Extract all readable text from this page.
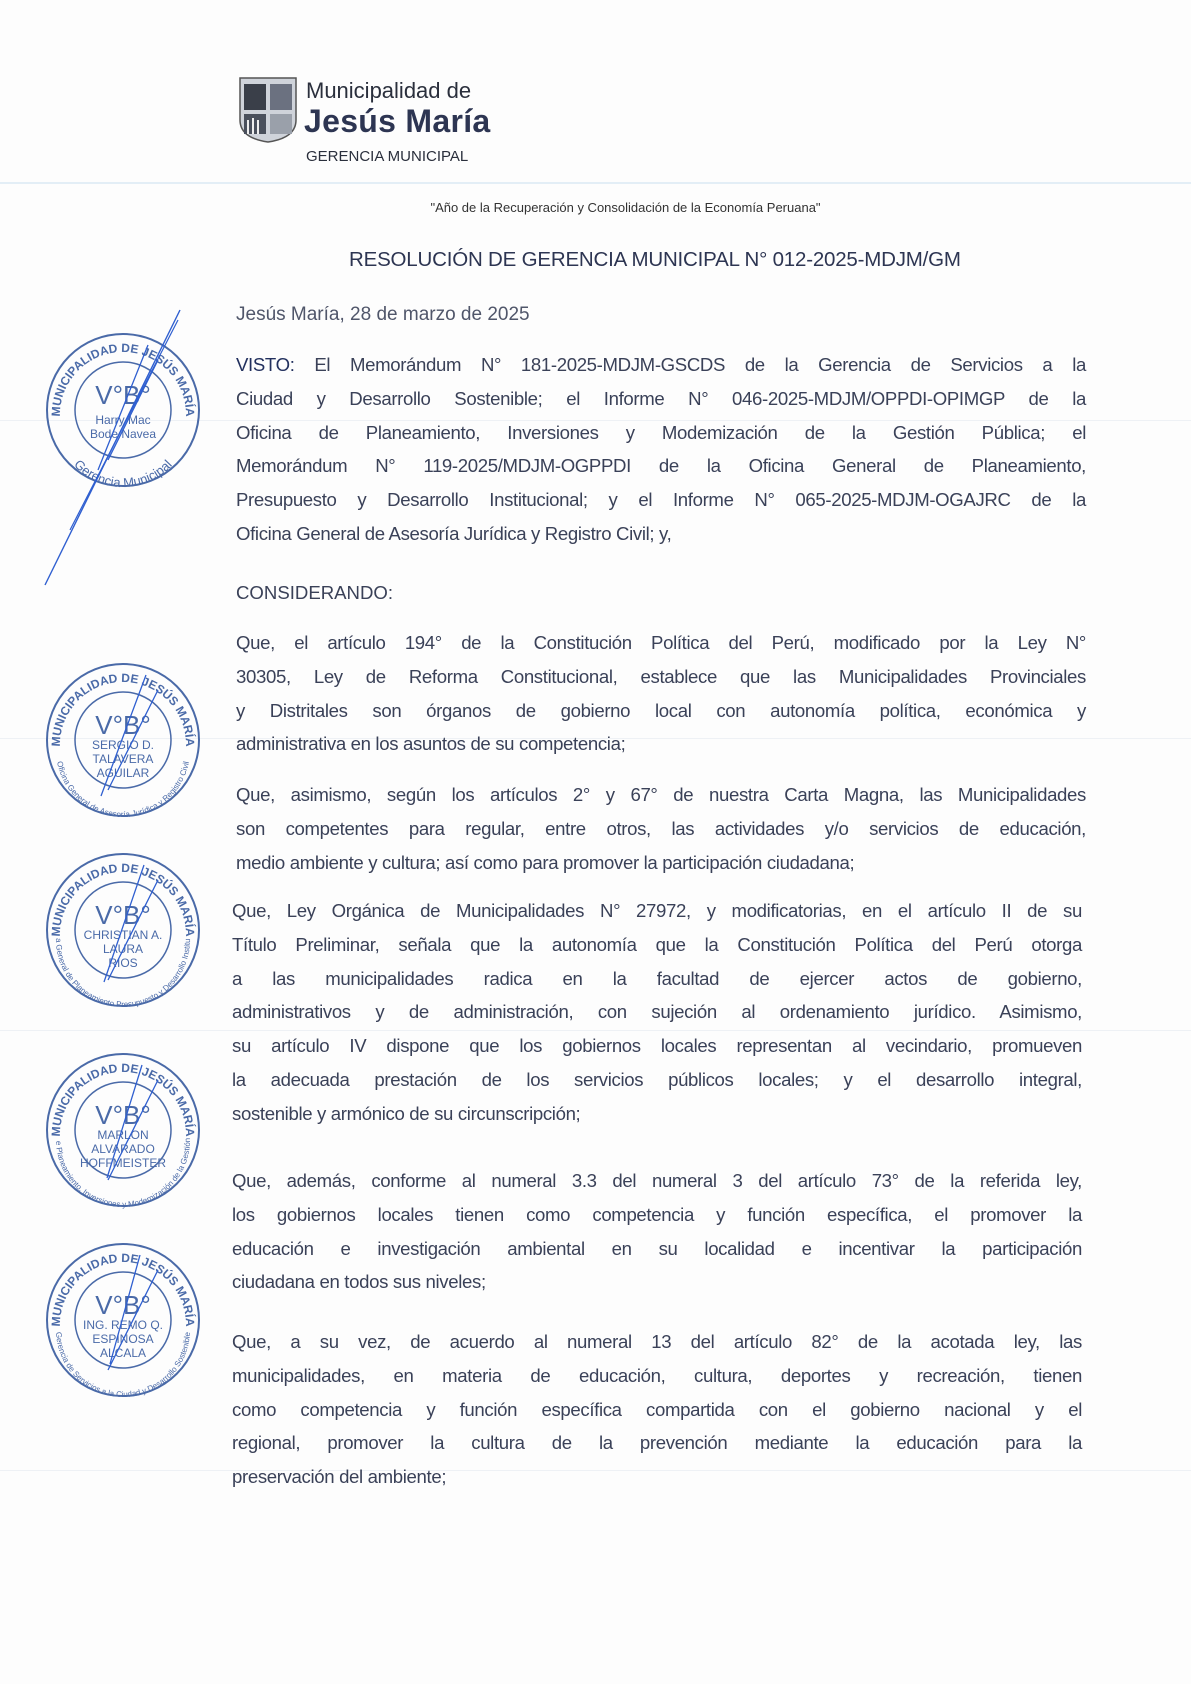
Municipalidad de
Jesús María
GERENCIA MUNICIPAL
"Año de la Recuperación y Consolidación de la Economía Peruana"
RESOLUCIÓN DE GERENCIA MUNICIPAL N° 012-2025-MDJM/GM
Jesús María, 28 de marzo de 2025
VISTO: El Memorándum N° 181-2025-MDJM-GSCDS de la Gerencia de Servicios a la
Ciudad y Desarrollo Sostenible; el Informe N° 046-2025-MDJM/OPPDI-OPIMGP de la
Oficina de Planeamiento, Inversiones y Modemización de la Gestión Pública; el
Memorándum N° 119-2025/MDJM-OGPPDI de la Oficina General de Planeamiento,
Presupuesto y Desarrollo Institucional; y el Informe N° 065-2025-MDJM-OGAJRC de la
Oficina General de Asesoría Jurídica y Registro Civil; y,
CONSIDERANDO:
Que, el artículo 194° de la Constitución Política del Perú, modificado por la Ley N°
30305, Ley de Reforma Constitucional, establece que las Municipalidades Provinciales
y Distritales son órganos de gobierno local con autonomía política, económica y
administrativa en los asuntos de su competencia;
Que, asimismo, según los artículos 2° y 67° de nuestra Carta Magna, las Municipalidades
son competentes para regular, entre otros, las actividades y/o servicios de educación,
medio ambiente y cultura; así como para promover la participación ciudadana;
Que, Ley Orgánica de Municipalidades N° 27972, y modificatorias, en el artículo II de su
Título Preliminar, señala que la autonomía que la Constitución Política del Perú otorga
a las municipalidades radica en la facultad de ejercer actos de gobierno,
administrativos y de administración, con sujeción al ordenamiento jurídico. Asimismo,
su artículo IV dispone que los gobiernos locales representan al vecindario, promueven
la adecuada prestación de los servicios públicos locales; y el desarrollo integral,
sostenible y armónico de su circunscripción;
Que, además, conforme al numeral 3.3 del numeral 3 del artículo 73° de la referida ley,
los gobiernos locales tienen como competencia y función específica, el promover la
educación e investigación ambiental en su localidad e incentivar la participación
ciudadana en todos sus niveles;
Que, a su vez, de acuerdo al numeral 13 del artículo 82° de la acotada ley, las
municipalidades, en materia de educación, cultura, deportes y recreación, tienen
como competencia y función específica compartida con el gobierno nacional y el
regional, promover la cultura de la prevención mediante la educación para la
preservación del ambiente;
MUNICIPALIDAD DE JESÚS MARÍA
Gerencia Municipal
V°B°
Harry Mac
Bode Navea
MUNICIPALIDAD DE JESÚS MARÍA
Oficina General de Asesoría Jurídica y Registro Civil
V°B°
SERGIO D.
TALAVERA
AGUILAR
MUNICIPALIDAD DE JESÚS MARÍA
Oficina General de Planeamiento Presupuesto y Desarrollo Institucional
V°B°
CHRISTIAN A.
LAURA
RIOS
MUNICIPALIDAD DE JESÚS MARÍA
Oficina de Planeamiento, Inversiones y Modernización de la Gestión Pública
V°B°
MARLON
ALVARADO
HOFFMEISTER
MUNICIPALIDAD DE JESÚS MARÍA
Gerencia de Servicios a la Ciudad y Desarrollo Sostenible
V°B°
ING. REMO Q.
ESPINOSA
ALCALA
